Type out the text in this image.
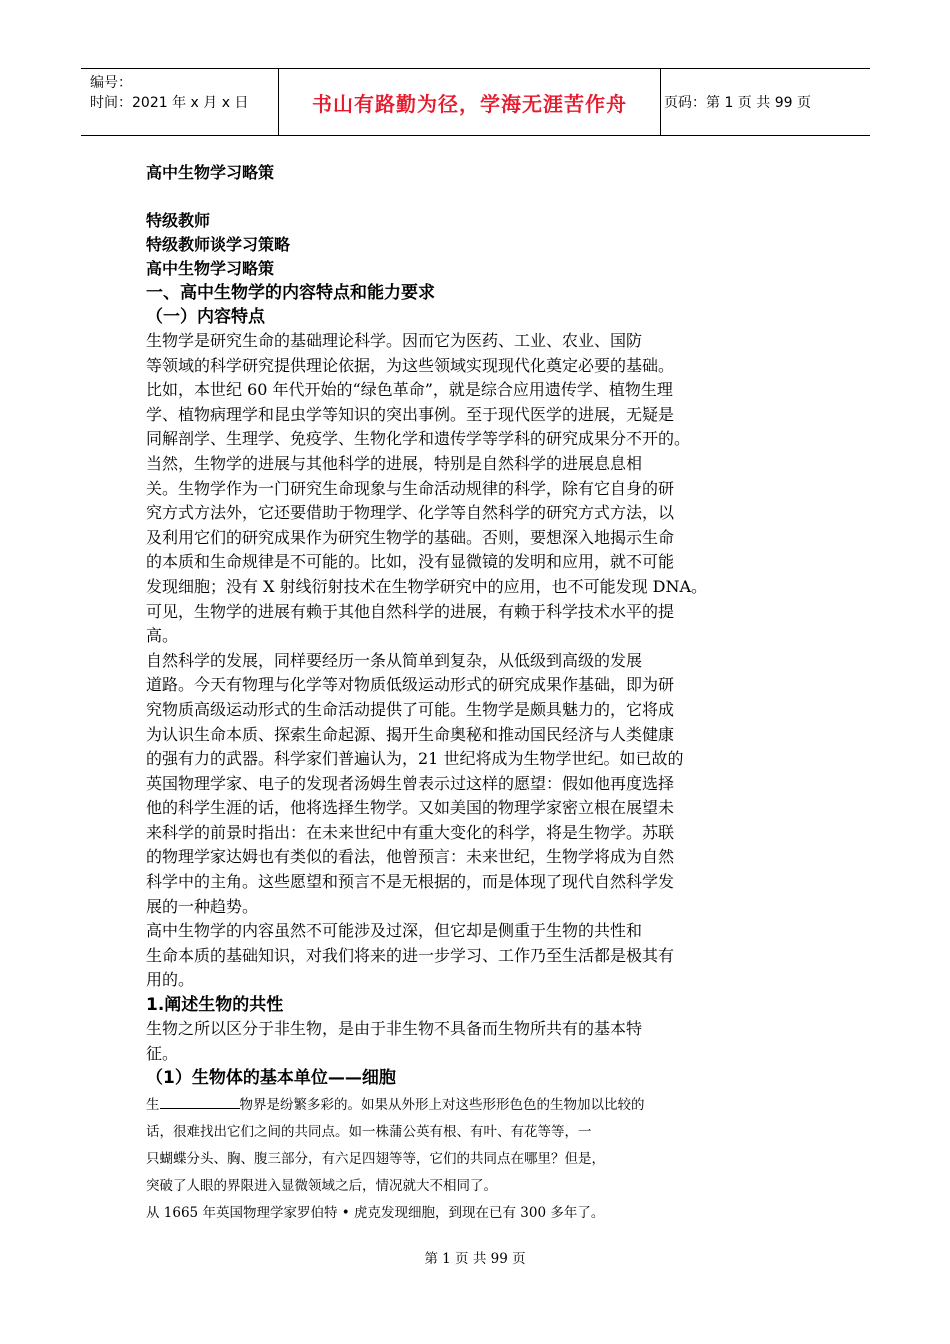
编号：
时间：2021 年 x 月 x 日	书山有路勤为径，学海无涯苦作舟	页码：第 1 页 共 99 页
高中生物学习略策
特级教师
特级教师谈学习策略
高中生物学习略策
一、高中生物学的内容特点和能力要求
（一）内容特点

生物学是研究生命的基础理论科学。因而它为医药、工业、农业、国防
等领域的科学研究提供理论依据，为这些领域实现现代化奠定必要的基础。
比如，本世纪 60 年代开始的“绿色革命”，就是综合应用遗传学、植物生理
学、植物病理学和昆虫学等知识的突出事例。至于现代医学的进展，无疑是
同解剖学、生理学、免疫学、生物化学和遗传学等学科的研究成果分不开的。

当然，生物学的进展与其他科学的进展，特别是自然科学的进展息息相
关。生物学作为一门研究生命现象与生命活动规律的科学，除有它自身的研
究方式方法外，它还要借助于物理学、化学等自然科学的研究方式方法，以
及利用它们的研究成果作为研究生物学的基础。否则，要想深入地揭示生命
的本质和生命规律是不可能的。比如，没有显微镜的发明和应用，就不可能
发现细胞；没有 X 射线衍射技术在生物学研究中的应用，也不可能发现 DNA。
可见，生物学的进展有赖于其他自然科学的进展，有赖于科学技术水平的提
高。

自然科学的发展，同样要经历一条从简单到复杂，从低级到高级的发展
道路。今天有物理与化学等对物质低级运动形式的研究成果作基础，即为研
究物质高级运动形式的生命活动提供了可能。生物学是颇具魅力的，它将成
为认识生命本质、探索生命起源、揭开生命奥秘和推动国民经济与人类健康
的强有力的武器。科学家们普遍认为，21 世纪将成为生物学世纪。如已故的
英国物理学家、电子的发现者汤姆生曾表示过这样的愿望：假如他再度选择
他的科学生涯的话，他将选择生物学。又如美国的物理学家密立根在展望未
来科学的前景时指出：在未来世纪中有重大变化的科学，将是生物学。苏联
的物理学家达姆也有类似的看法，他曾预言：未来世纪，生物学将成为自然
科学中的主角。这些愿望和预言不是无根据的，而是体现了现代自然科学发
展的一种趋势。

高中生物学的内容虽然不可能涉及过深，但它却是侧重于生物的共性和
生命本质的基础知识，对我们将来的进一步学习、工作乃至生活都是极其有
用的。

1.阐述生物的共性

生物之所以区分于非生物，是由于非生物不具备而生物所共有的基本特
征。

（1）生物体的基本单位——细胞
生	物界是纷繁多彩的。如果从外形上对这些形形色色的生物加以比较的
话，很难找出它们之间的共同点。如一株蒲公英有根、有叶、有花等等，一
只蝴蝶分头、胸、腹三部分，有六足四翅等等，它们的共同点在哪里？但是，
突破了人眼的界限进入显微领域之后，情况就大不相同了。
从 1665 年英国物理学家罗伯特 • 虎克发现细胞，到现在已有 300 多年了。
第 1 页 共 99 页
